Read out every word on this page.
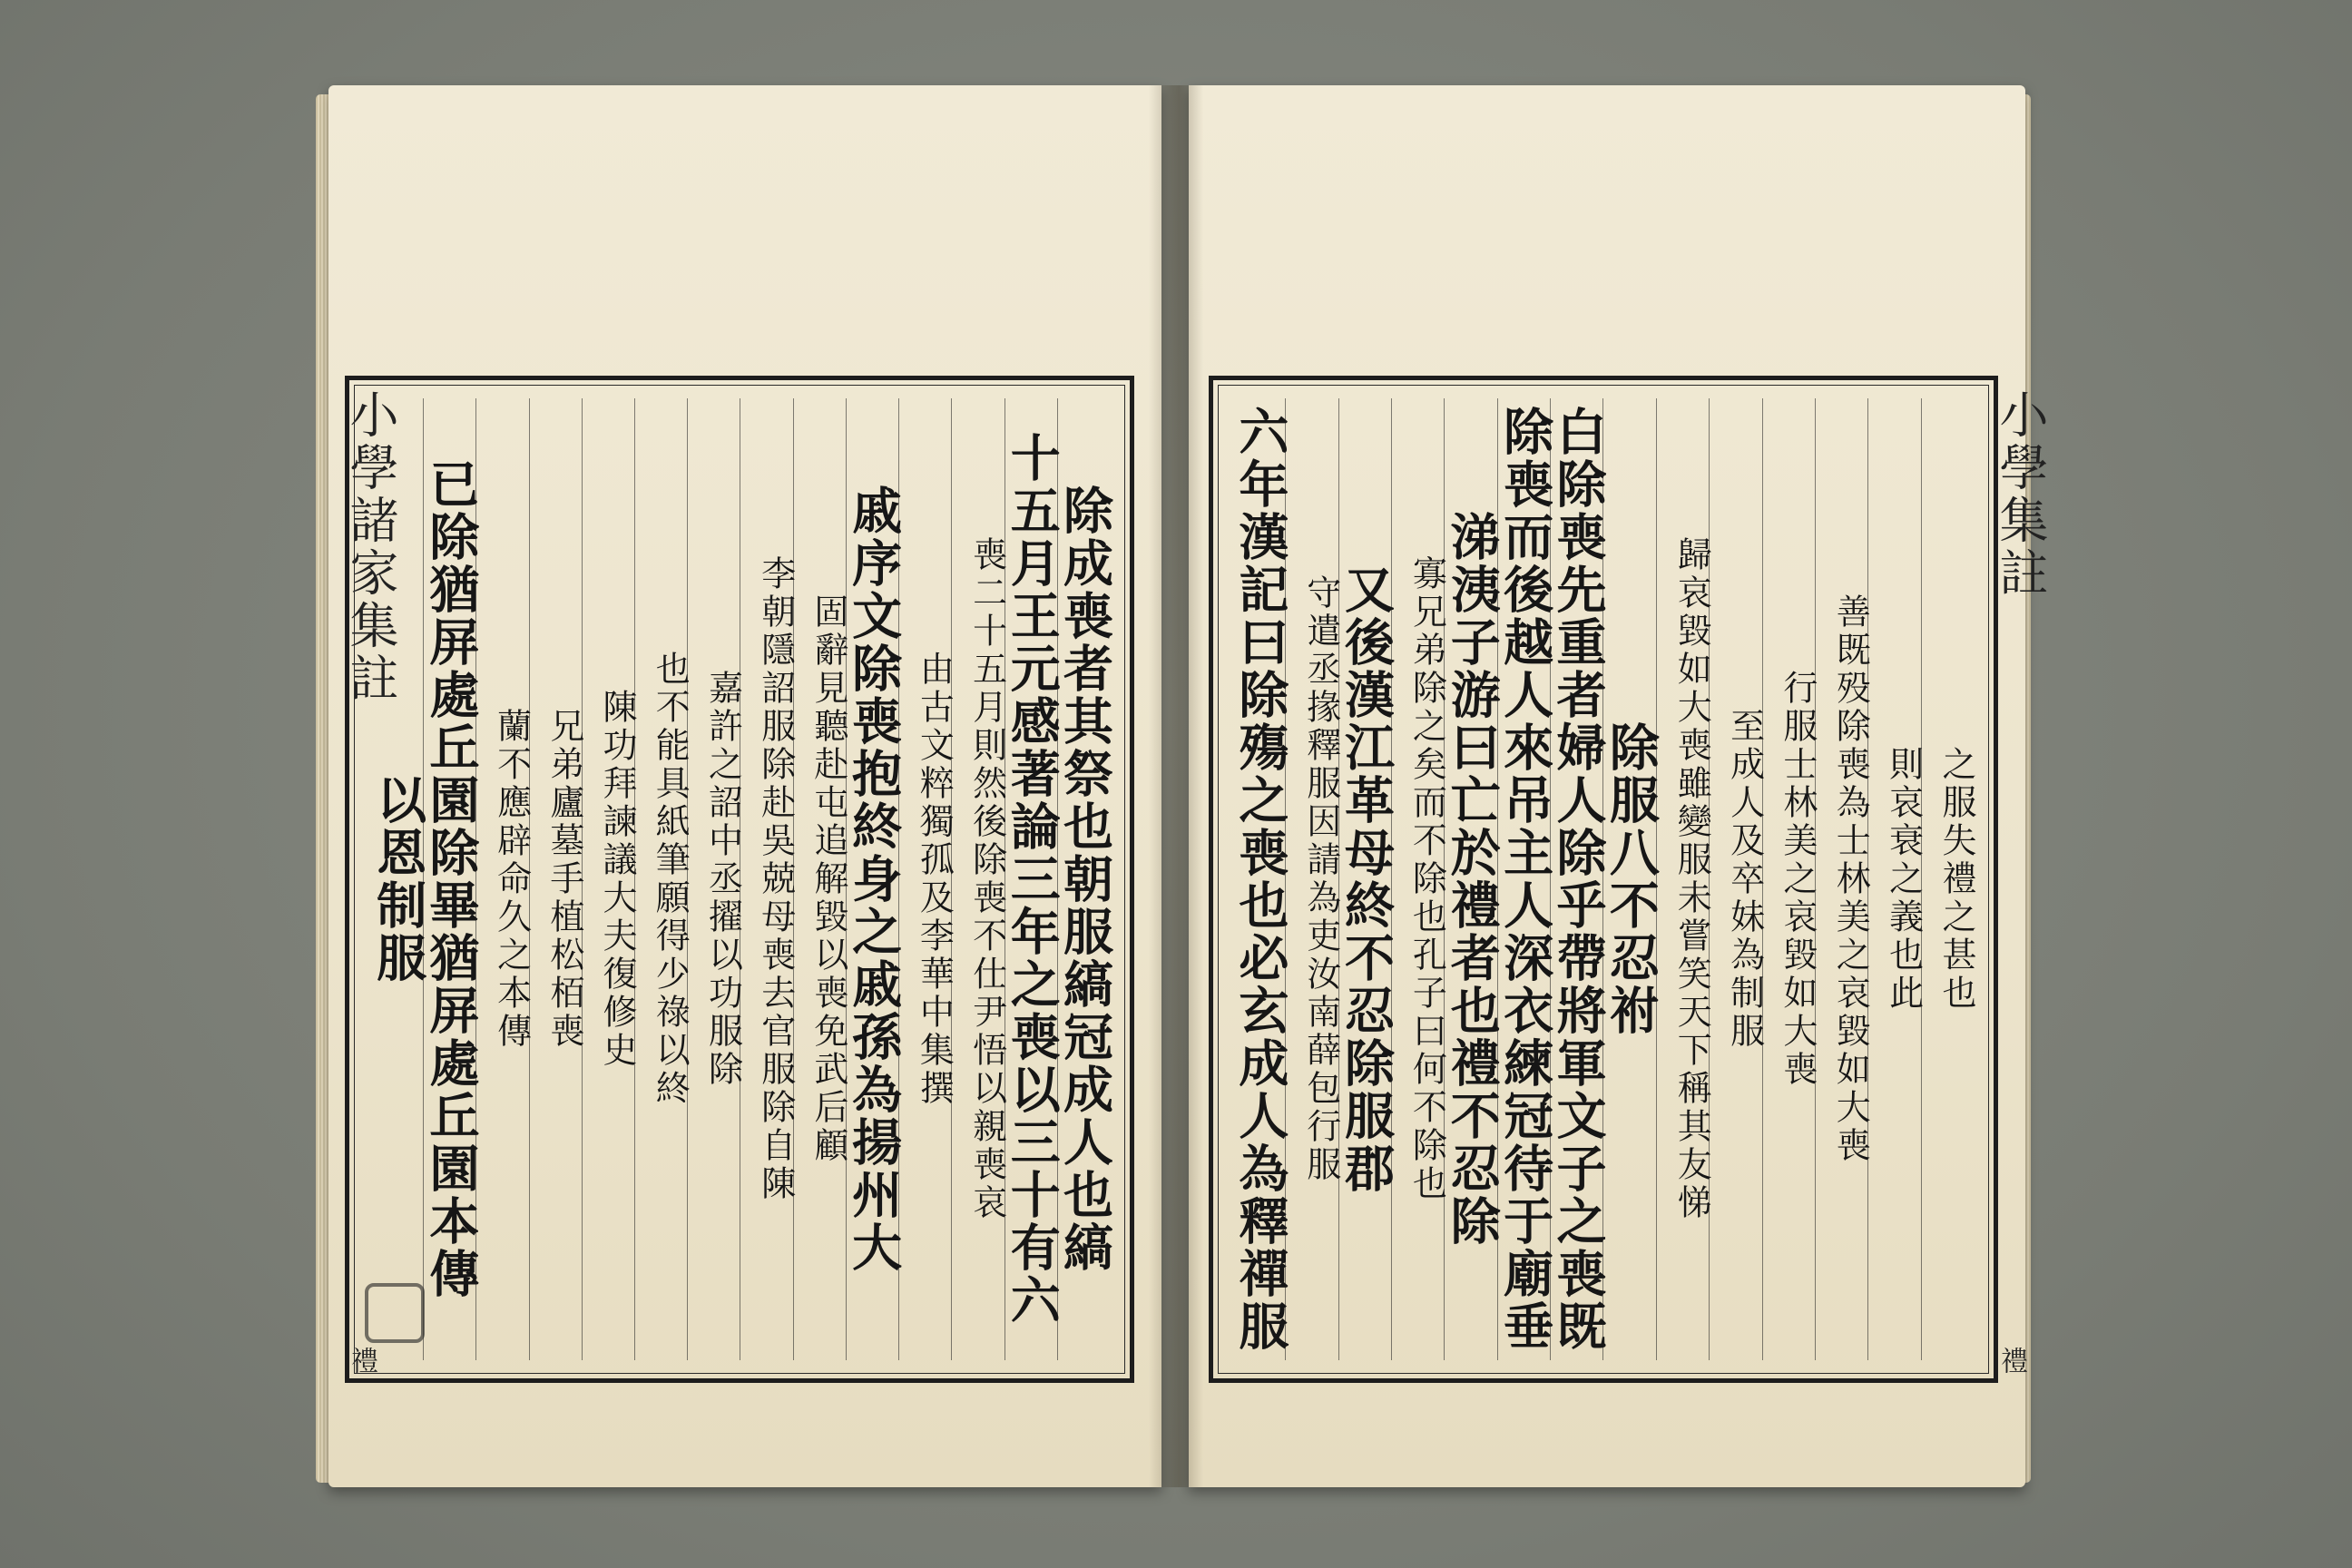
小學諸家集註
禮
除成喪者其祭也朝服縞冠成人也縞
十五月王元感著論三年之喪以三十有六
喪二十五月則然後除喪不仕尹悟以親喪哀
由古文粹獨孤及李華中集撰
戚序文除喪抱終身之戚孫為揚州大
固辭見聽赴屯追解毀以喪免武后顧
李朝隱詔服除赴吳兢母喪去官服除自陳
嘉許之詔中丞擢以功服除
也不能具紙筆願得少祿以終
陳功拜諫議大夫復修史
兄弟廬墓手植松栢喪
蘭不應辟命久之本傳
已除猶屏處丘園除畢猶屏處丘園本傳
以恩制服
小學集註
禮
之服失禮之甚也
則哀衰之義也此
善既殁除喪為士林美之哀毀如大喪
行服士林美之哀毀如大喪
至成人及卒妹為制服
歸哀毀如大喪雖變服未嘗笑天下稱其友悌
除服八不忍祔
白除喪先重者婦人除乎帶將軍文子之喪既
除喪而後越人來吊主人深衣練冠待于廟垂
涕洟子游曰亡於禮者也禮不忍除
寡兄弟除之矣而不除也孔子曰何不除也
又後漢江革母終不忍除服郡
守遣丞掾釋服因請為吏汝南薛包行服
六年漢記曰除殤之喪也必玄成人為釋禪服
